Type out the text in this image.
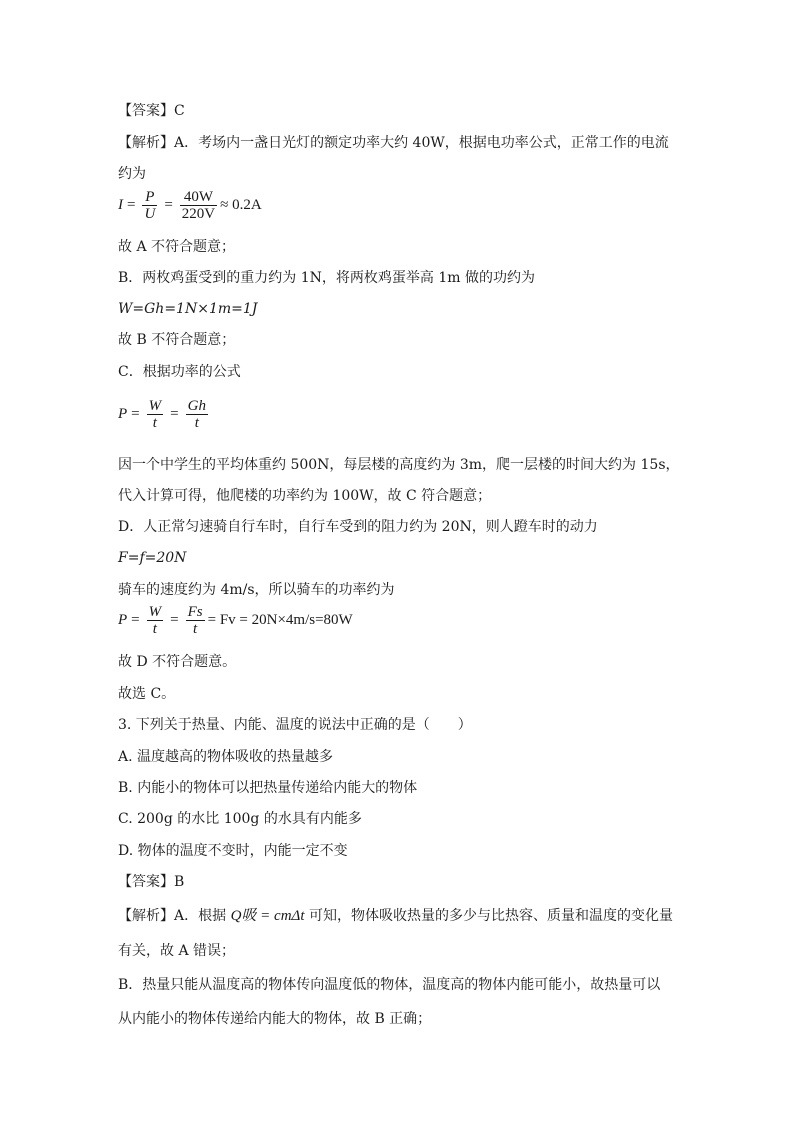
【答案】C
【解析】A．考场内一盏日光灯的额定功率大约 40W，根据电功率公式，正常工作的电流
约为
$I = \frac{P}{U} = \frac{40W}{220V} \approx 0.2A$
故 A 不符合题意；
B．两枚鸡蛋受到的重力约为 1N，将两枚鸡蛋举高 1m 做的功约为
W=Gh=1N×1m=1J
故 B 不符合题意；
C．根据功率的公式
$P = \frac{W}{t} = \frac{Gh}{t}$
因一个中学生的平均体重约 500N，每层楼的高度约为 3m，爬一层楼的时间大约为 15s，
代入计算可得，他爬楼的功率约为 100W，故 C 符合题意；
D．人正常匀速骑自行车时，自行车受到的阻力约为 20N，则人蹬车时的动力
F=f=20N
骑车的速度约为 4m/s，所以骑车的功率约为
$P = \frac{W}{t} = \frac{Fs}{t} = Fv = 20N\times 4m/s=80W$
故 D 不符合题意。
故选 C。
3. 下列关于热量、内能、温度的说法中正确的是（　　）
A. 温度越高的物体吸收的热量越多
B. 内能小的物体可以把热量传递给内能大的物体
C. 200g 的水比 100g 的水具有内能多
D. 物体的温度不变时，内能一定不变
【答案】B
【解析】A．根据 Q吸 = cmΔt 可知，物体吸收热量的多少与比热容、质量和温度的变化量
有关，故 A 错误；
B．热量只能从温度高的物体传向温度低的物体，温度高的物体内能可能小，故热量可以
从内能小的物体传递给内能大的物体，故 B 正确；
